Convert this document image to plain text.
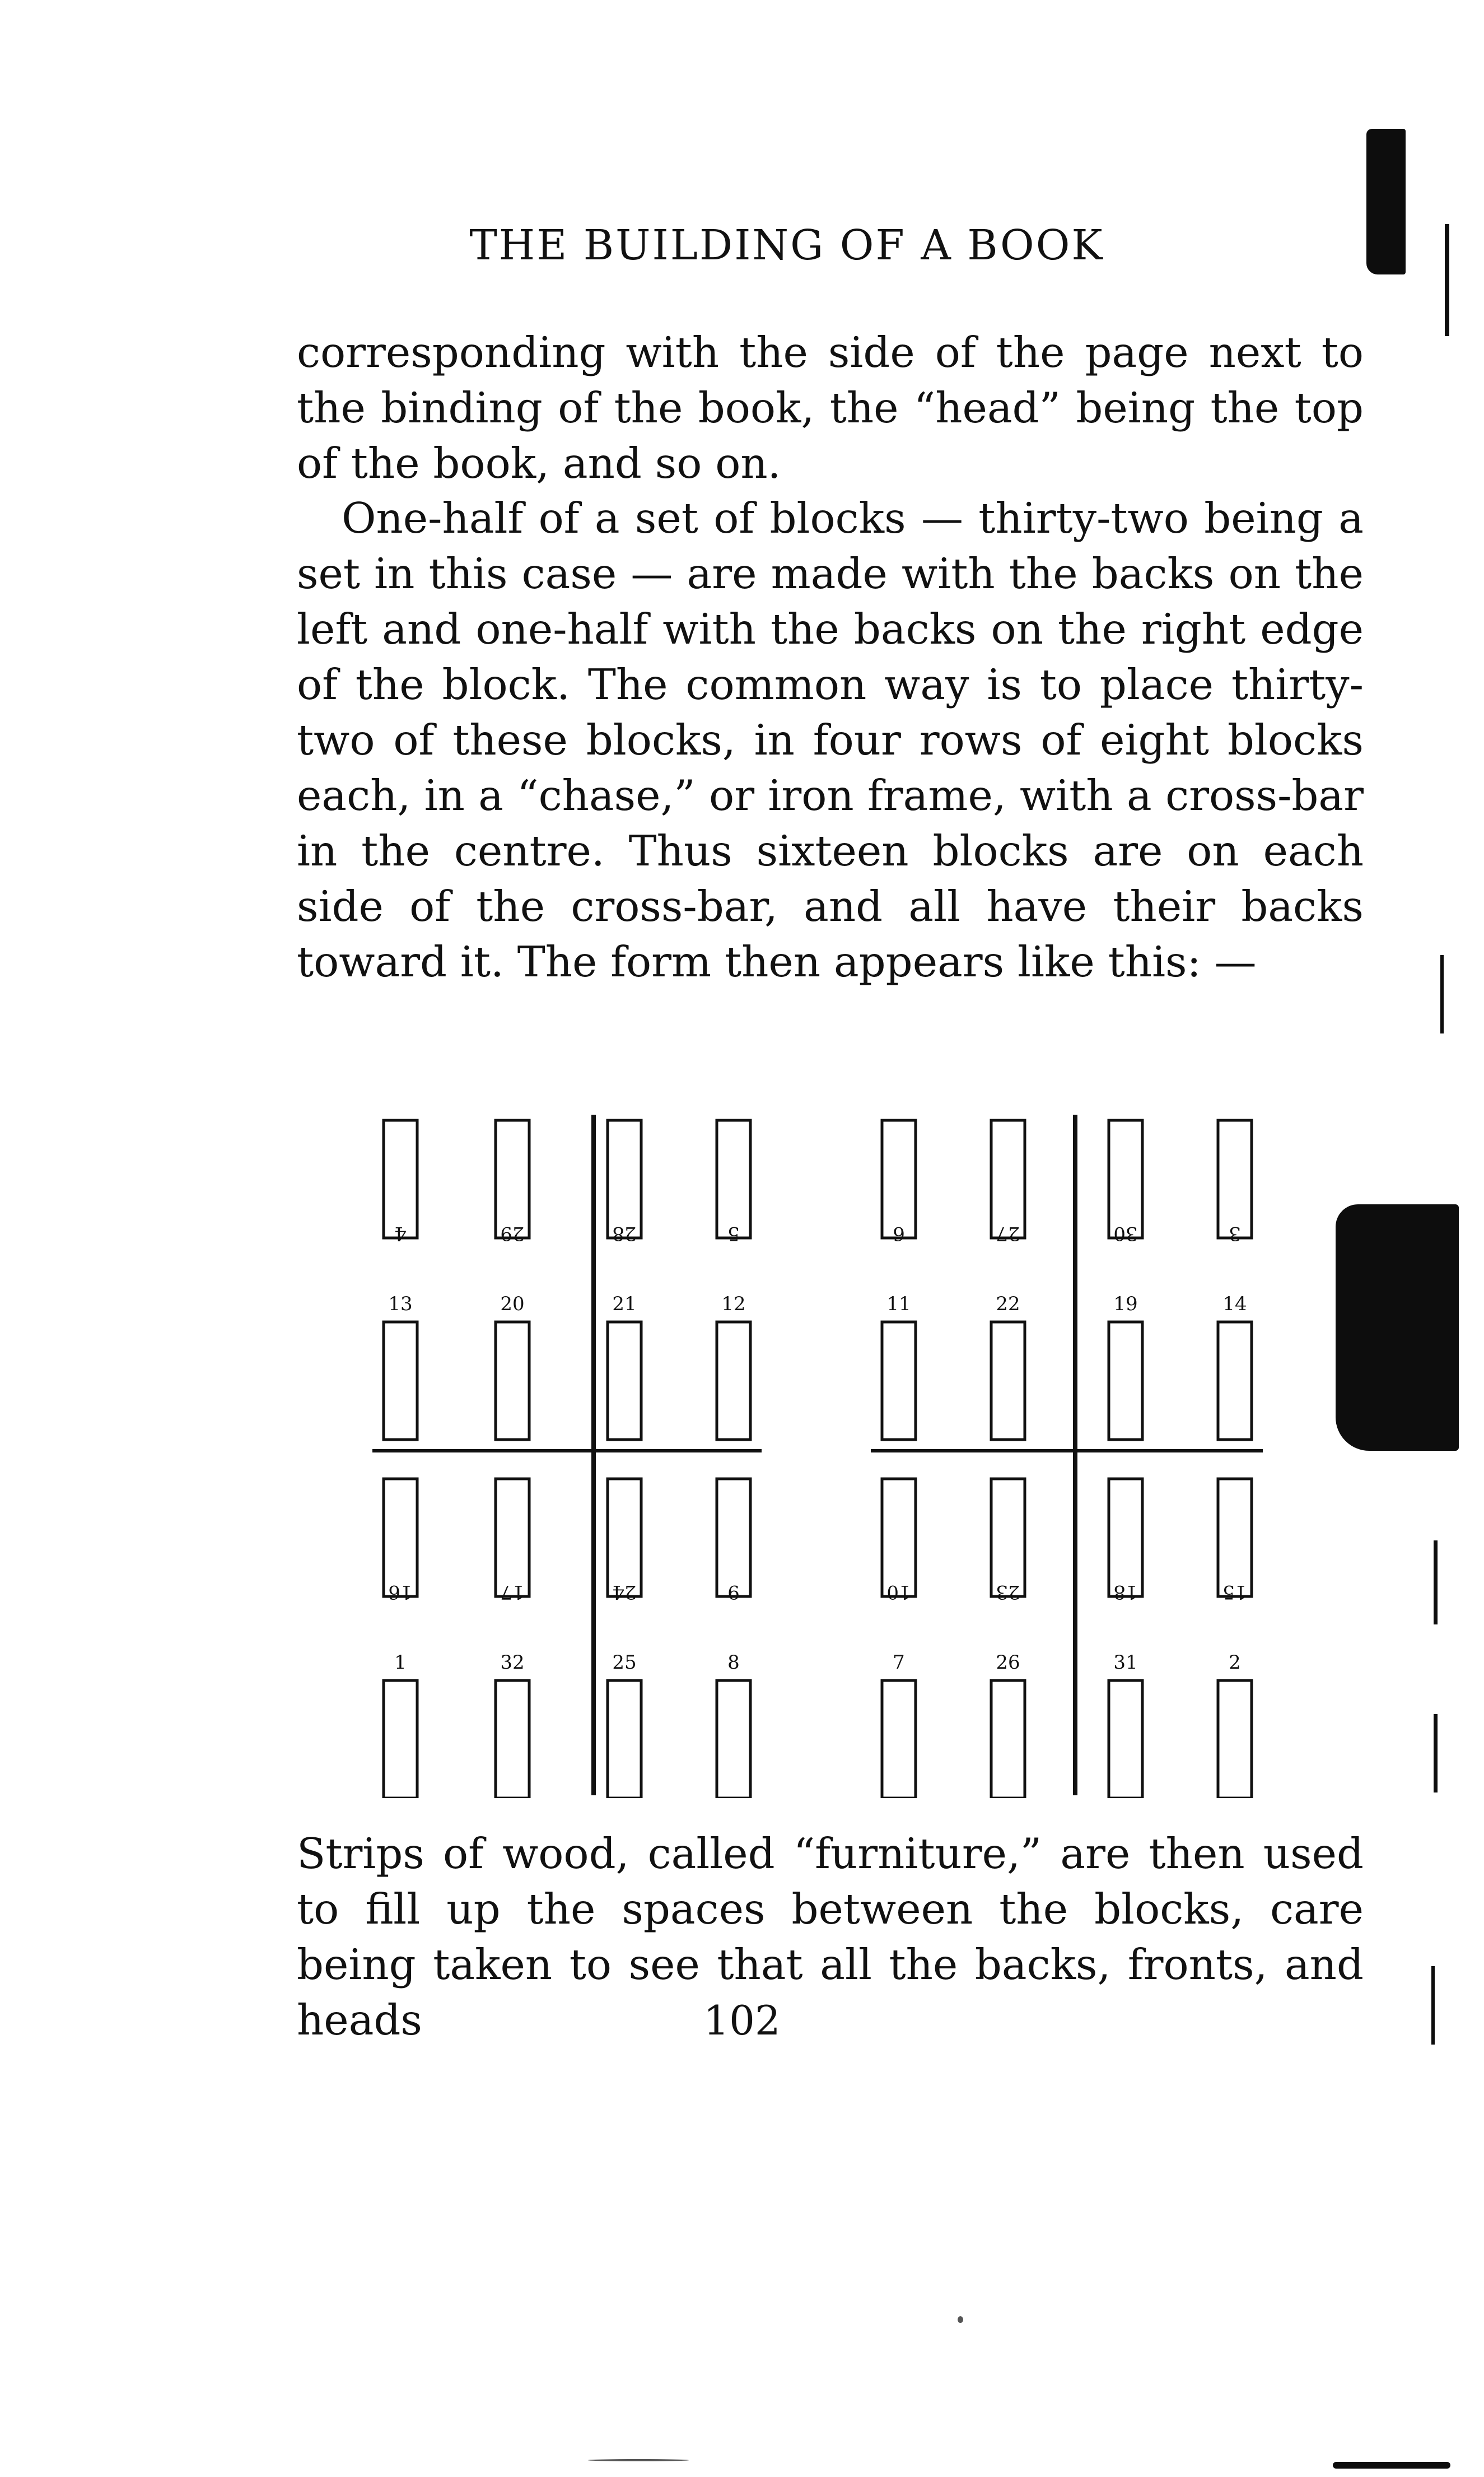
THE BUILDING OF A BOOK

corresponding with the side of the page next to the binding of the book, the “head” being the top of the book, and so on.

One-half of a set of blocks — thirty-two being a set in this case — are made with the backs on the left and one-half with the backs on the right edge of the block. The common way is to place thirty-two of these blocks, in four rows of eight blocks each, in a “chase,” or iron frame, with a cross-bar in the centre. Thus sixteen blocks are on each side of the cross-bar, and all have their backs toward it. The form then appears like this: —

4	29	28	5	6	27	30	3
13	20	21	12	11	22	19	14
16	17	24	9	10	23	18	15
1	32	25	8	7	26	31	2

Strips of wood, called “furniture,” are then used to fill up the spaces between the blocks, care being taken to see that all the backs, fronts, and heads	102
